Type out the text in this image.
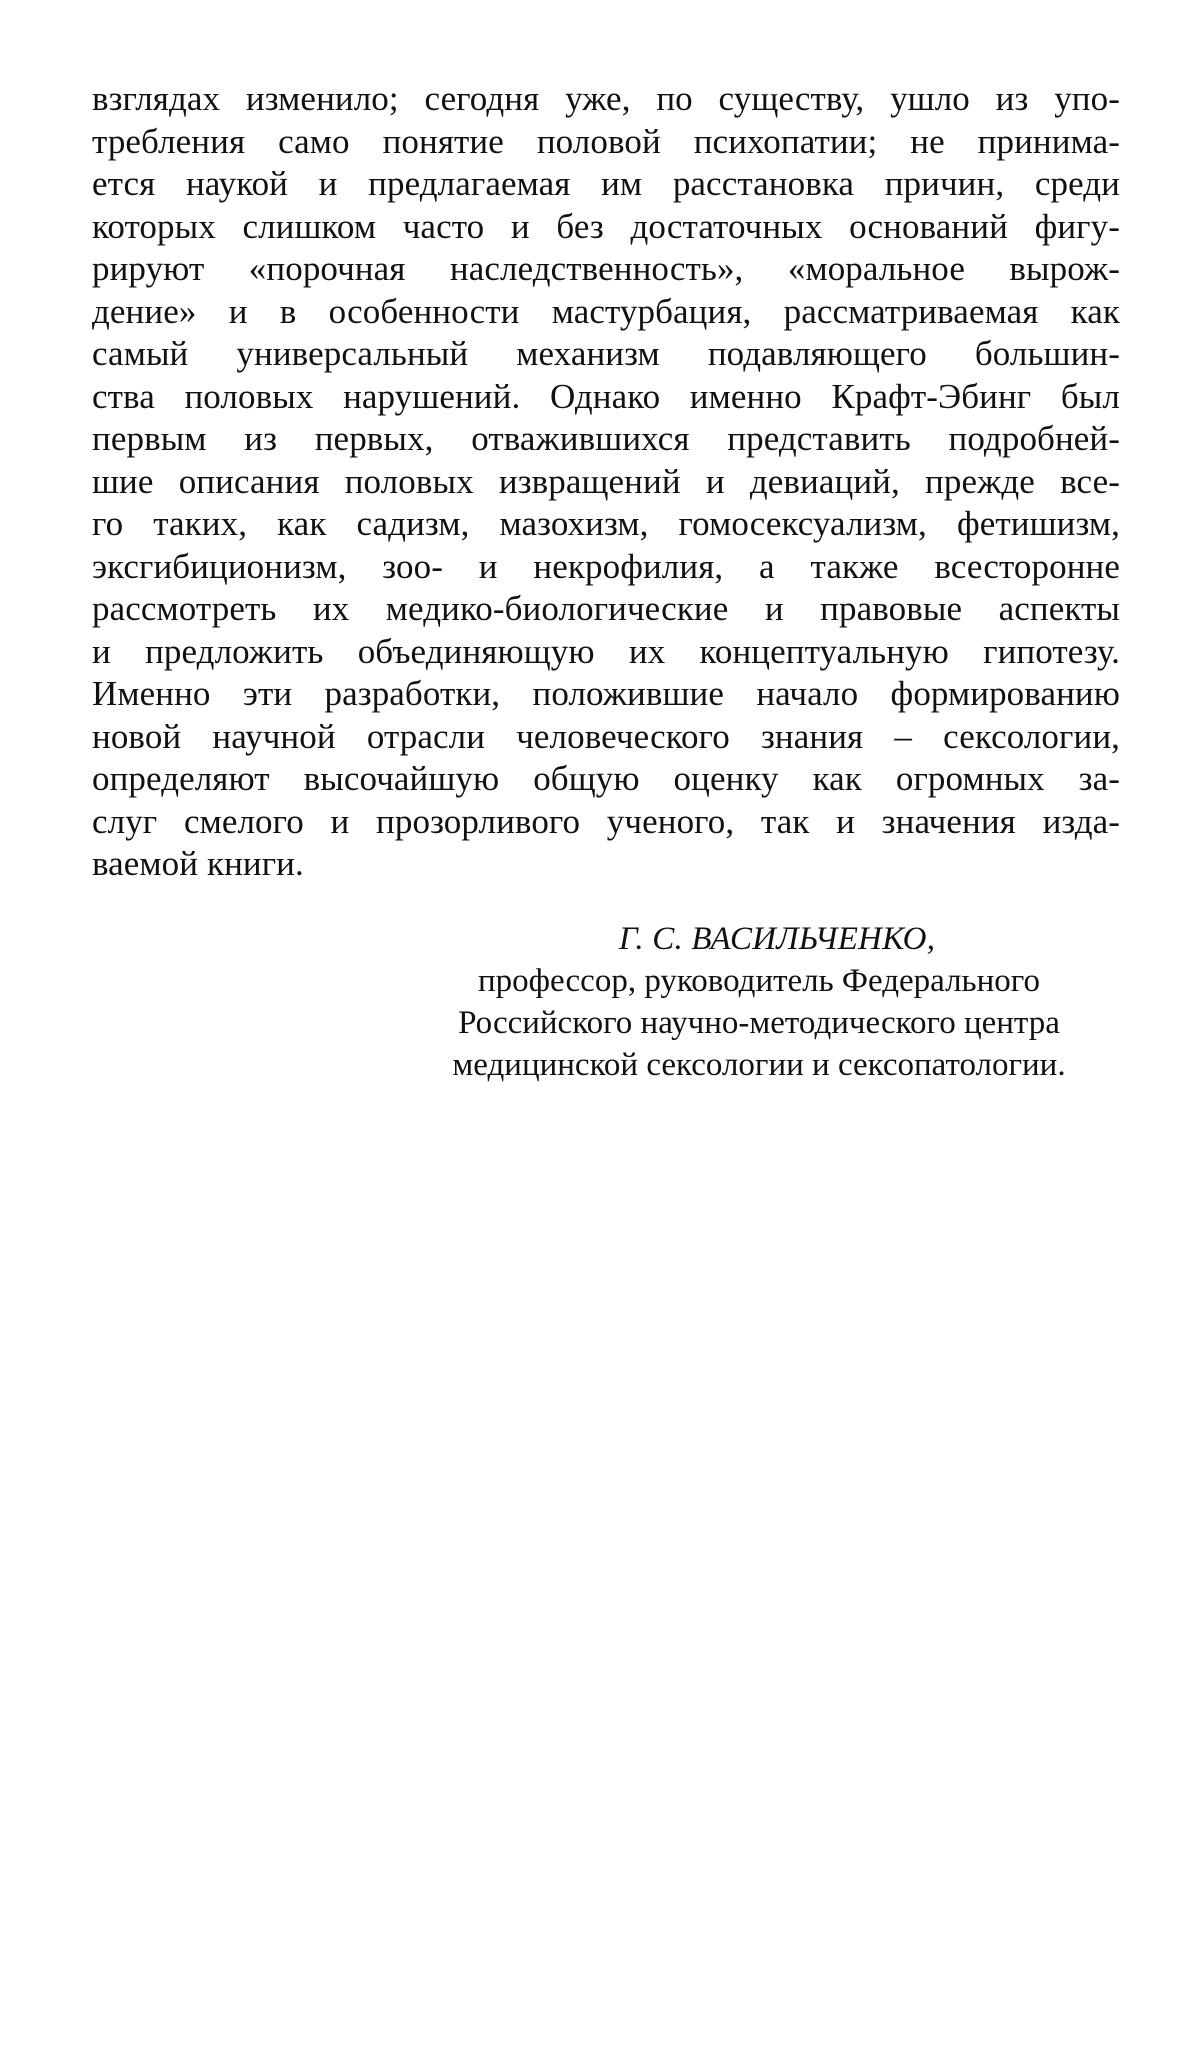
взглядах изменило; сегодня уже, по существу, ушло из упо-
требления само понятие половой психопатии; не принима-
ется наукой и предлагаемая им расстановка причин, среди
которых слишком часто и без достаточных оснований фигу-
рируют «порочная наследственность», «моральное вырож-
дение» и в особенности мастурбация, рассматриваемая как
самый универсальный механизм подавляющего большин-
ства половых нарушений. Однако именно Крафт-Эбинг был
первым из первых, отважившихся представить подробней-
шие описания половых извращений и девиаций, прежде все-
го таких, как садизм, мазохизм, гомосексуализм, фетишизм,
эксгибиционизм, зоо- и некрофилия, а также всесторонне
рассмотреть их медико-биологические и правовые аспекты
и предложить объединяющую их концептуальную гипотезу.
Именно эти разработки, положившие начало формированию
новой научной отрасли человеческого знания – сексологии,
определяют высочайшую общую оценку как огромных за-
слуг смелого и прозорливого ученого, так и значения изда-
ваемой книги.
Г. С. ВАСИЛЬЧЕНКО,
профессор, руководитель Федерального
Российского научно-методического центра
медицинской сексологии и сексопатологии.
